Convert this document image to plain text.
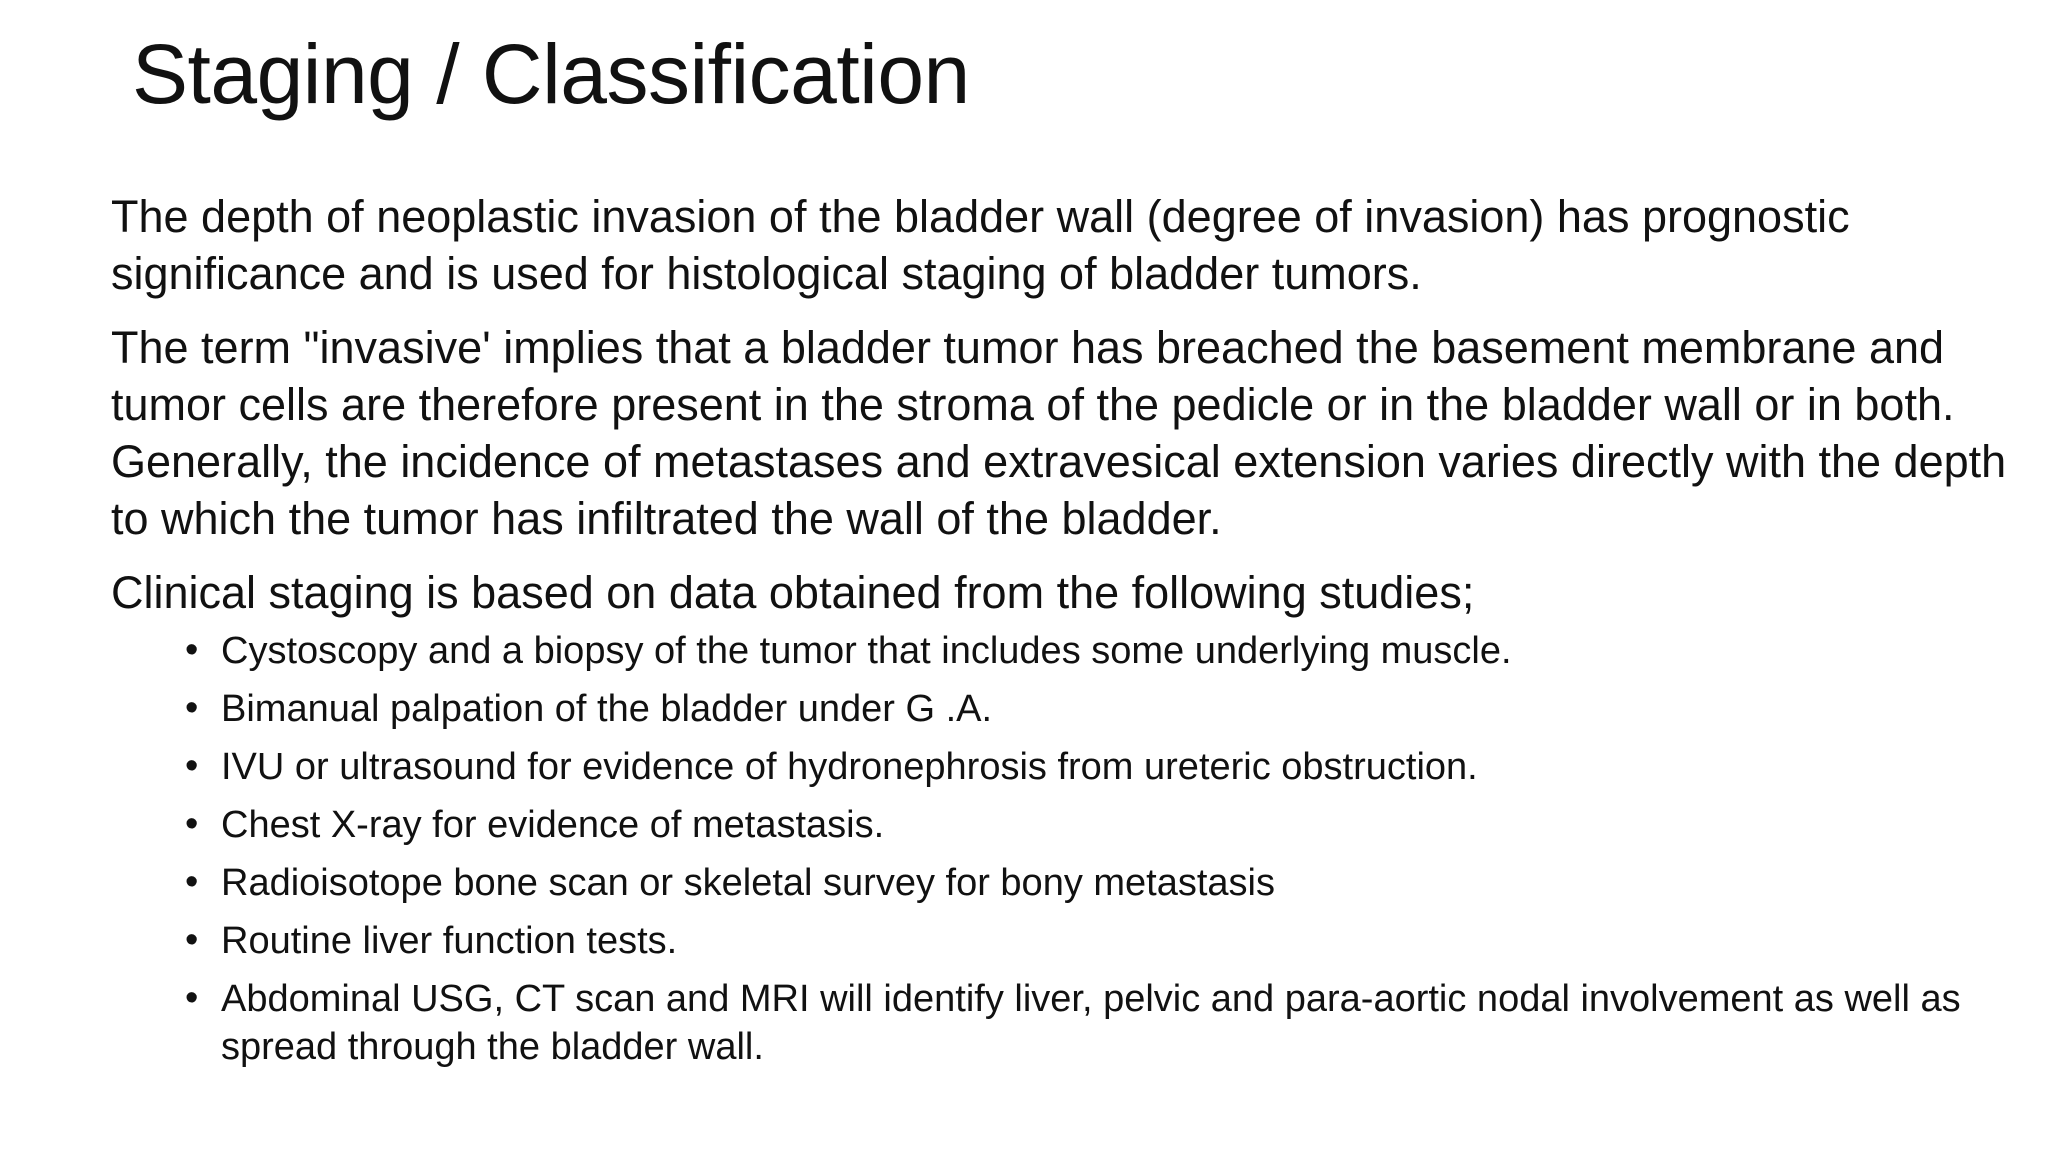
Staging / Classification

The depth of neoplastic invasion of the bladder wall (degree of invasion) has prognostic significance and is used for histological staging of bladder tumors.

The term "invasive' implies that a bladder tumor has breached the basement membrane and tumor cells are therefore present in the stroma of the pedicle or in the bladder wall or in both. Generally, the incidence of metastases and extravesical extension varies directly with the depth to which the tumor has infiltrated the wall of the bladder.

Clinical staging is based on data obtained from the following studies;

• Cystoscopy and a biopsy of the tumor that includes some underlying muscle.
• Bimanual palpation of the bladder under G .A.
• IVU or ultrasound for evidence of hydronephrosis from ureteric obstruction.
• Chest X-ray for evidence of metastasis.
• Radioisotope bone scan or skeletal survey for bony metastasis
• Routine liver function tests.
• Abdominal USG, CT scan and MRI will identify liver, pelvic and para-aortic nodal involvement as well as spread through the bladder wall.
